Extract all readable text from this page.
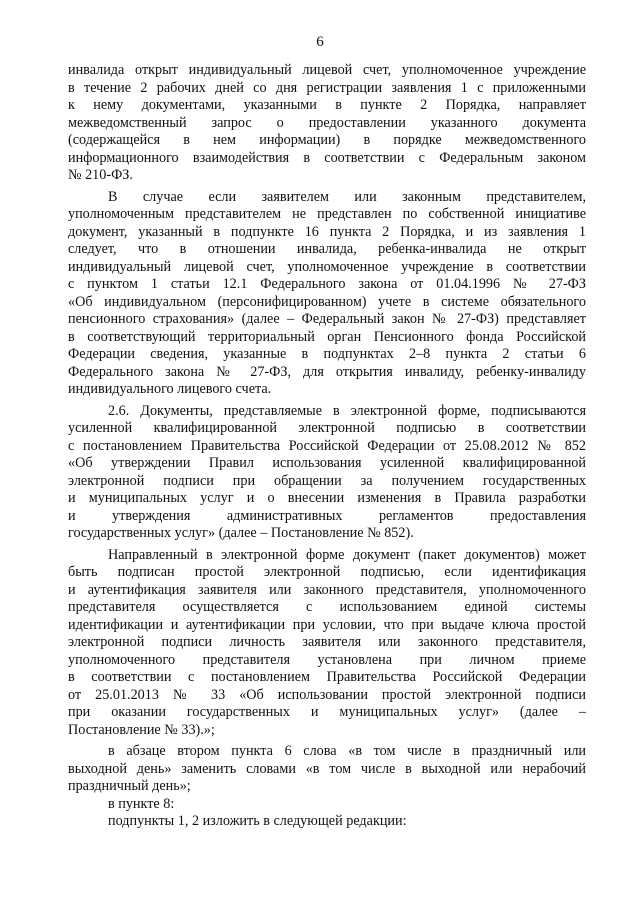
6
инвалида открыт индивидуальный лицевой счет, уполномоченное учреждение
в течение 2 рабочих дней со дня регистрации заявления 1 с приложенными
к нему документами, указанными в пункте 2 Порядка, направляет
межведомственный запрос о предоставлении указанного документа
(содержащейся в нем информации) в порядке межведомственного
информационного взаимодействия в соответствии с Федеральным законом
№ 210-ФЗ.
В случае если заявителем или законным представителем,
уполномоченным представителем не представлен по собственной инициативе
документ, указанный в подпункте 16 пункта 2 Порядка, и из заявления 1
следует, что в отношении инвалида, ребенка-инвалида не открыт
индивидуальный лицевой счет, уполномоченное учреждение в соответствии
с пунктом 1 статьи 12.1 Федерального закона от 01.04.1996 № 27-ФЗ
«Об индивидуальном (персонифицированном) учете в системе обязательного
пенсионного страхования» (далее – Федеральный закон № 27-ФЗ) представляет
в соответствующий территориальный орган Пенсионного фонда Российской
Федерации сведения, указанные в подпунктах 2–8 пункта 2 статьи 6
Федерального закона № 27-ФЗ, для открытия инвалиду, ребенку-инвалиду
индивидуального лицевого счета.
2.6. Документы, представляемые в электронной форме, подписываются
усиленной квалифицированной электронной подписью в соответствии
с постановлением Правительства Российской Федерации от 25.08.2012 № 852
«Об утверждении Правил использования усиленной квалифицированной
электронной подписи при обращении за получением государственных
и муниципальных услуг и о внесении изменения в Правила разработки
и утверждения административных регламентов предоставления
государственных услуг» (далее – Постановление № 852).
Направленный в электронной форме документ (пакет документов) может
быть подписан простой электронной подписью, если идентификация
и аутентификация заявителя или законного представителя, уполномоченного
представителя осуществляется с использованием единой системы
идентификации и аутентификации при условии, что при выдаче ключа простой
электронной подписи личность заявителя или законного представителя,
уполномоченного представителя установлена при личном приеме
в соответствии с постановлением Правительства Российской Федерации
от 25.01.2013 № 33 «Об использовании простой электронной подписи
при оказании государственных и муниципальных услуг» (далее –
Постановление № 33).»;
в абзаце втором пункта 6 слова «в том числе в праздничный или
выходной день» заменить словами «в том числе в выходной или нерабочий
праздничный день»;
в пункте 8:
подпункты 1, 2 изложить в следующей редакции:
